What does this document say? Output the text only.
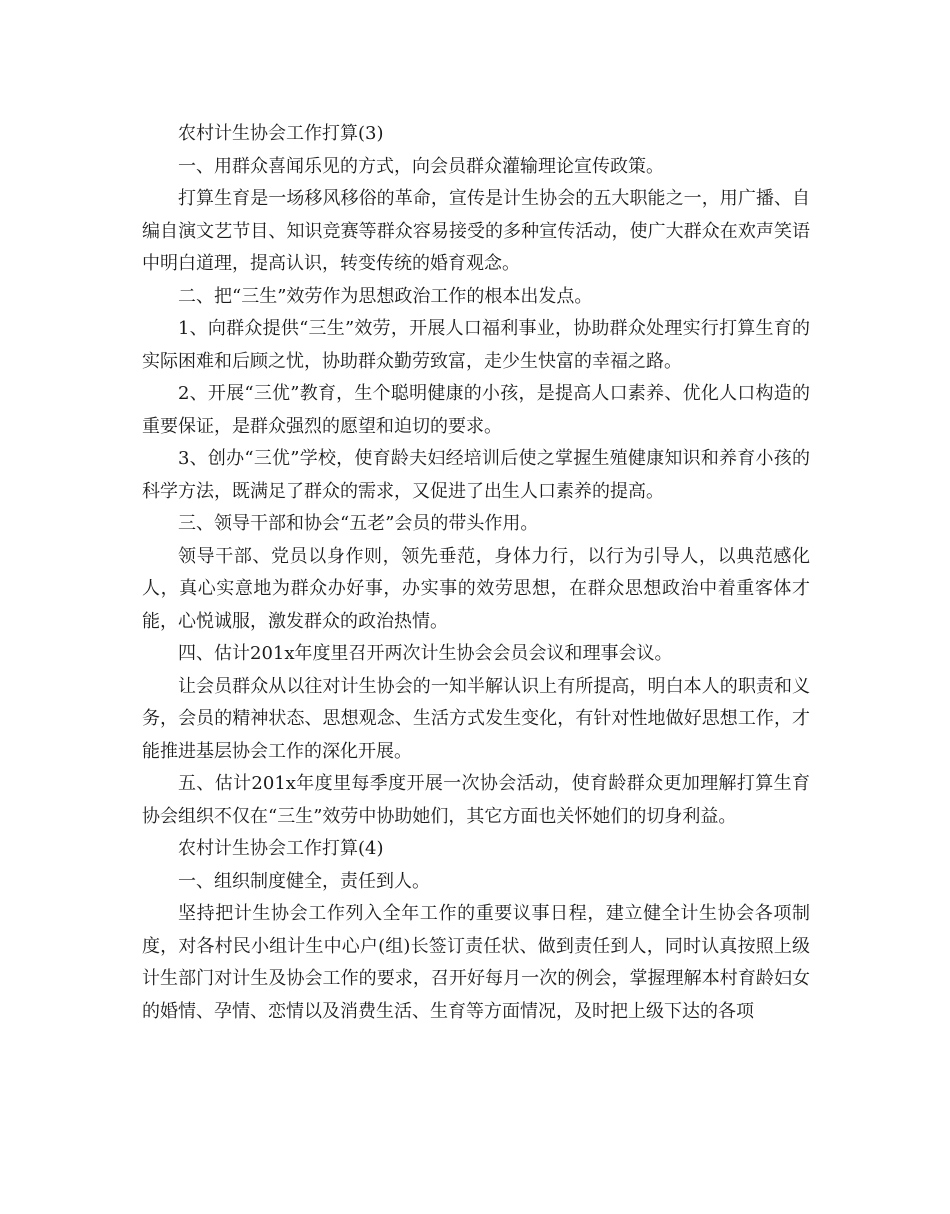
农村计生协会工作打算(3)

一、用群众喜闻乐见的方式，向会员群众灌输理论宣传政策。

打算生育是一场移风移俗的革命，宣传是计生协会的五大职能之一，用广播、自编自演文艺节目、知识竞赛等群众容易接受的多种宣传活动，使广大群众在欢声笑语中明白道理，提高认识，转变传统的婚育观念。

二、把“三生”效劳作为思想政治工作的根本出发点。

1、向群众提供“三生”效劳，开展人口福利事业，协助群众处理实行打算生育的实际困难和后顾之忧，协助群众勤劳致富，走少生快富的幸福之路。

2、开展“三优”教育，生个聪明健康的小孩，是提高人口素养、优化人口构造的重要保证，是群众强烈的愿望和迫切的要求。

3、创办“三优”学校，使育龄夫妇经培训后使之掌握生殖健康知识和养育小孩的科学方法，既满足了群众的需求，又促进了出生人口素养的提高。

三、领导干部和协会“五老”会员的带头作用。

领导干部、党员以身作则，领先垂范，身体力行，以行为引导人，以典范感化人，真心实意地为群众办好事，办实事的效劳思想，在群众思想政治中着重客体才能，心悦诚服，激发群众的政治热情。

四、估计201x年度里召开两次计生协会会员会议和理事会议。

让会员群众从以往对计生协会的一知半解认识上有所提高，明白本人的职责和义务，会员的精神状态、思想观念、生活方式发生变化，有针对性地做好思想工作，才能推进基层协会工作的深化开展。

五、估计201x年度里每季度开展一次协会活动，使育龄群众更加理解打算生育协会组织不仅在“三生”效劳中协助她们，其它方面也关怀她们的切身利益。

农村计生协会工作打算(4)

一、组织制度健全，责任到人。

坚持把计生协会工作列入全年工作的重要议事日程，建立健全计生协会各项制度，对各村民小组计生中心户(组)长签订责任状、做到责任到人，同时认真按照上级计生部门对计生及协会工作的要求，召开好每月一次的例会，掌握理解本村育龄妇女的婚情、孕情、恋情以及消费生活、生育等方面情况，及时把上级下达的各项
